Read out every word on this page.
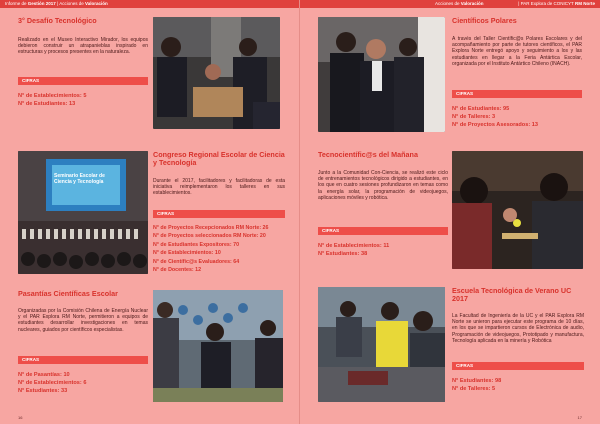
Informe de Gestión 2017 | Acciones de Valoración
3° Desafío Tecnológico
Realizado en el Museo Interactivo Mirador, los equipos debieron construir un atrapanieblas inspirado en estructuras y procesos presentes en la naturaleza.
CIFRAS
N° de Establecimientos: 5
N° de Estudiantes: 13
Seminario Escolar de Ciencia y Tecnología
Congreso Regional Escolar de Ciencia y Tecnología
Durante el 2017, facilitadores y facilitadoras de esta iniciativa reimplementaron los talleres en sus establecimientos.
CIFRAS
N° de Proyectos Recepcionados RM Norte: 26
N° de Proyectos seleccionados RM Norte: 20
N° de Estudiantes Expositores: 70
N° de Establecimientos: 10
N° de Científic@s Evaluadores: 64
N° de Docentes: 12
Pasantías Científicas Escolar
Organizadas por la Comisión Chilena de Energía Nuclear y el PAR Explora RM Norte, permitieron a equipos de estudiantes desarrollar investigaciones en temas nucleares, guiados por científicos especialistas.
CIFRAS
N° de Pasantías: 10
N° de Establecimientos: 6
N° Estudiantes: 33
16
Acciones de Valoración	| PAR Explora de CONICYT RM Norte
Científicos Polares
A través del Taller Científic@s Polares Escolares y del acompañamiento por parte de tutores científicos, el PAR Explora Norte entregó apoyo y seguimiento a los y las estudiantes en llegar a la Feria Antártica Escolar, organizada por el Instituto Antártico Chileno (INACH).
CIFRAS
N° de Estudiantes: 95
N° de Talleres: 3
N° de Proyectos Asesorados: 13
Tecnocientífic@s del Mañana
Junto a la Comunidad Con-Ciencia, se realizó este ciclo de entrenamientos tecnológicos dirigido a estudiantes, en los que en cuatro sesiones profundizaron en temas como la energía solar, la programación de videojuegos, aplicaciones móviles y robótica.
CIFRAS
N° de Establecimientos: 11
N° Estudiantes: 38
Escuela Tecnológica de Verano UC 2017
La Facultad de Ingeniería de la UC y el PAR Explora RM Norte se unieron para ejecutar este programa de 10 días, en los que se impartieron cursos de Electrónica de audio, Programación de videojuegos, Prototipado y manufactura, Tecnología aplicada en la minería y Robótica
CIFRAS
N° Estudiantes: 98
N° de Talleres: 5
17
